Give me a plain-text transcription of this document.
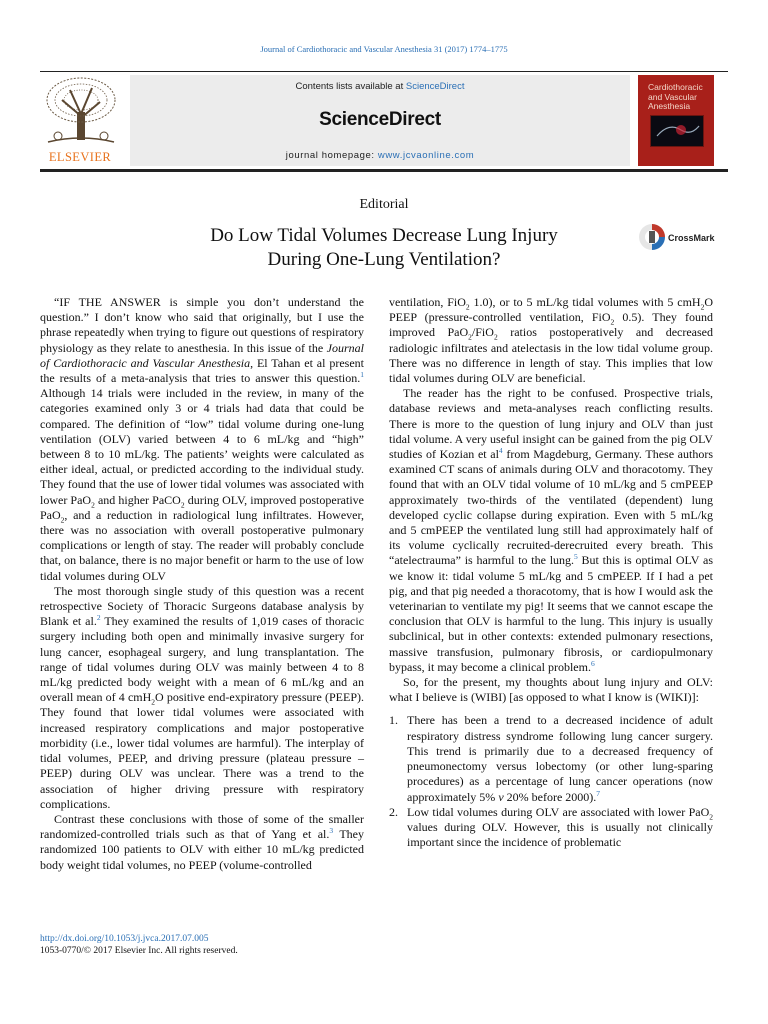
Journal of Cardiothoracic and Vascular Anesthesia 31 (2017) 1774–1775
ELSEVIER
Contents lists available at ScienceDirect
ScienceDirect
journal homepage: www.jcvaonline.com
Cardiothoracic and Vascular Anesthesia
Editorial
Do Low Tidal Volumes Decrease Lung Injury
During One-Lung Ventilation?
CrossMark

“IF THE ANSWER is simple you don’t understand the question.” I don’t know who said that originally, but I use the phrase repeatedly when trying to figure out questions of respiratory physiology as they relate to anesthesia. In this issue of the Journal of Cardiothoracic and Vascular Anesthesia, El Tahan et al present the results of a meta-analysis that tries to answer this question.$^1$ Although 14 trials were included in the review, in many of the categories examined only 3 or 4 trials had data that could be compared. The definition of “low” tidal volume during one-lung ventilation (OLV) varied between 4 to 6 mL/kg and “high” between 8 to 10 mL/kg. The patients’ weights were calculated as either ideal, actual, or predicted according to the individual study. They found that the use of lower tidal volumes was associated with lower PaO$_2$ and higher PaCO$_2$ during OLV, improved postoperative PaO$_2$, and a reduction in radiological lung infiltrates. However, there was no association with overall postoperative pulmonary complications or length of stay. The reader will probably conclude that, on balance, there is no major benefit or harm to the use of low tidal volumes during OLV

The most thorough single study of this question was a recent retrospective Society of Thoracic Surgeons database analysis by Blank et al.$^2$ They examined the results of 1,019 cases of thoracic surgery including both open and minimally invasive surgery for lung cancer, esophageal surgery, and lung transplantation. The range of tidal volumes during OLV was mainly between 4 to 8 mL/kg predicted body weight with a mean of 6 mL/kg and an overall mean of 4 cmH$_2$O positive end-expiratory pressure (PEEP). They found that lower tidal volumes were associated with increased respiratory complications and major postoperative morbidity (i.e., lower tidal volumes are harmful). The interplay of tidal volumes, PEEP, and driving pressure (plateau pressure – PEEP) during OLV was unclear. There was a trend to the association of higher driving pressure with respiratory complications.

Contrast these conclusions with those of some of the smaller randomized-controlled trials such as that of Yang et al.$^3$ They randomized 100 patients to OLV with either 10 mL/kg predicted body weight tidal volumes, no PEEP (volume-controlled

ventilation, FiO$_2$ 1.0), or to 5 mL/kg tidal volumes with 5 cmH$_2$O PEEP (pressure-controlled ventilation, FiO$_2$ 0.5). They found improved PaO$_2$/FiO$_2$ ratios postoperatively and decreased radiologic infiltrates and atelectasis in the low tidal volume group. There was no difference in length of stay. This implies that low tidal volumes during OLV are beneficial.

The reader has the right to be confused. Prospective trials, database reviews and meta-analyses reach conflicting results. There is more to the question of lung injury and OLV than just tidal volume. A very useful insight can be gained from the pig OLV studies of Kozian et $al^4$ from Magdeburg, Germany. These authors examined CT scans of animals during OLV and thoracotomy. They found that with an OLV tidal volume of 10 mL/kg and 5 cmPEEP approximately two-thirds of the ventilated (dependent) lung developed cyclic collapse during expiration. Even with 5 mL/kg and 5 cmPEEP the ventilated lung still had approximately half of its volume cyclically recruited-derecruited every breath. This “atelectrauma” is harmful to the lung.$^5$ But this is optimal OLV as we know it: tidal volume 5 mL/kg and 5 cmPEEP. If I had a pet pig, and that pig needed a thoracotomy, that is how I would ask the veterinarian to ventilate my pig! It seems that we cannot escape the conclusion that OLV is harmful to the lung. This injury is usually subclinical, but in other contexts: extended pulmonary resections, massive transfusion, pulmonary fibrosis, or cardiopulmonary bypass, it may become a clinical problem.$^6$

So, for the present, my thoughts about lung injury and OLV: what I believe is (WIBI) [as opposed to what I know is (WIKI)]:

1. There has been a trend to a decreased incidence of adult respiratory distress syndrome following lung cancer surgery. This trend is primarily due to a decreased frequency of pneumonectomy versus lobectomy (or other lung-sparing procedures) as a percentage of lung cancer operations (now approximately 5% v 20% before 2000).$^7$
2. Low tidal volumes during OLV are associated with lower PaO$_2$ values during OLV. However, this is usually not clinically important since the incidence of problematic
http://dx.doi.org/10.1053/j.jvca.2017.07.005
1053-0770/© 2017 Elsevier Inc. All rights reserved.
